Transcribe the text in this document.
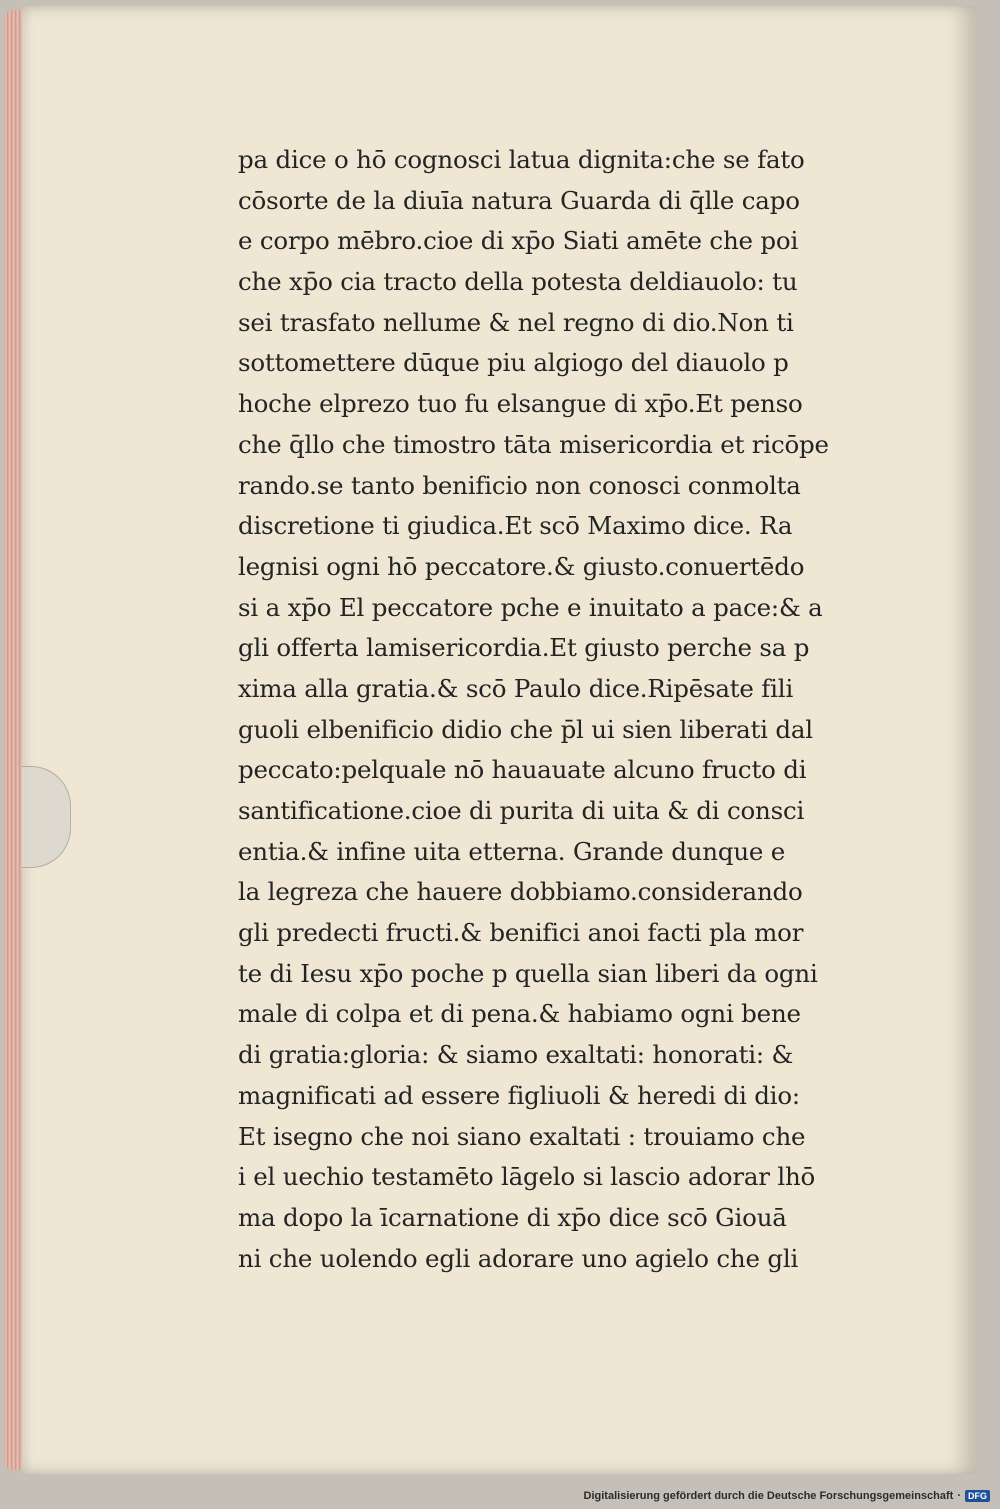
pa dice o hō cognosci latua dignita:che se fato
cōsorte de la diuīa natura Guarda di q̄lle capo
e corpo mēbro.cioe di xp̄o Siati amēte che poi
che xp̄o cia tracto della potesta deldiauolo: tu
sei trasfato nellume & nel regno di dio.Non ti
sottomettere dūque piu algiogo del diauolo p
hoche elprezo tuo fu elsangue di xp̄o.Et penso
che q̄llo che timostro tāta misericordia et ricōpe
rando.se tanto benificio non conosci conmolta
discretione ti giudica.Et scō Maximo dice. Ra
legnisi ogni hō peccatore.& giusto.conuertēdo
si a xp̄o El peccatore pche e inuitato a pace:& a
gli offerta lamisericordia.Et giusto perche sa p
xima alla gratia.& scō Paulo dice.Ripēsate fili
guoli elbenificio didio che p̄l ui sien liberati dal
peccato:pelquale nō hauauate alcuno fructo di
santificatione.cioe di purita di uita & di consci
entia.& infine uita etterna. Grande dunque e
la legreza che hauere dobbiamo.considerando
gli predecti fructi.& benifici anoi facti pla mor
te di Iesu xp̄o poche p quella sian liberi da ogni
male di colpa et di pena.& habiamo ogni bene
di gratia:gloria: & siamo exaltati: honorati: &
magnificati ad essere figliuoli & heredi di dio:
Et isegno che noi siano exaltati : trouiamo che
i el uechio testamēto lāgelo si lascio adorar lhō
ma dopo la īcarnatione di xp̄o dice scō Giouā
ni che uolendo egli adorare uno agielo che gli
Digitalisierung gefördert durch die Deutsche Forschungsgemeinschaft · DFG
